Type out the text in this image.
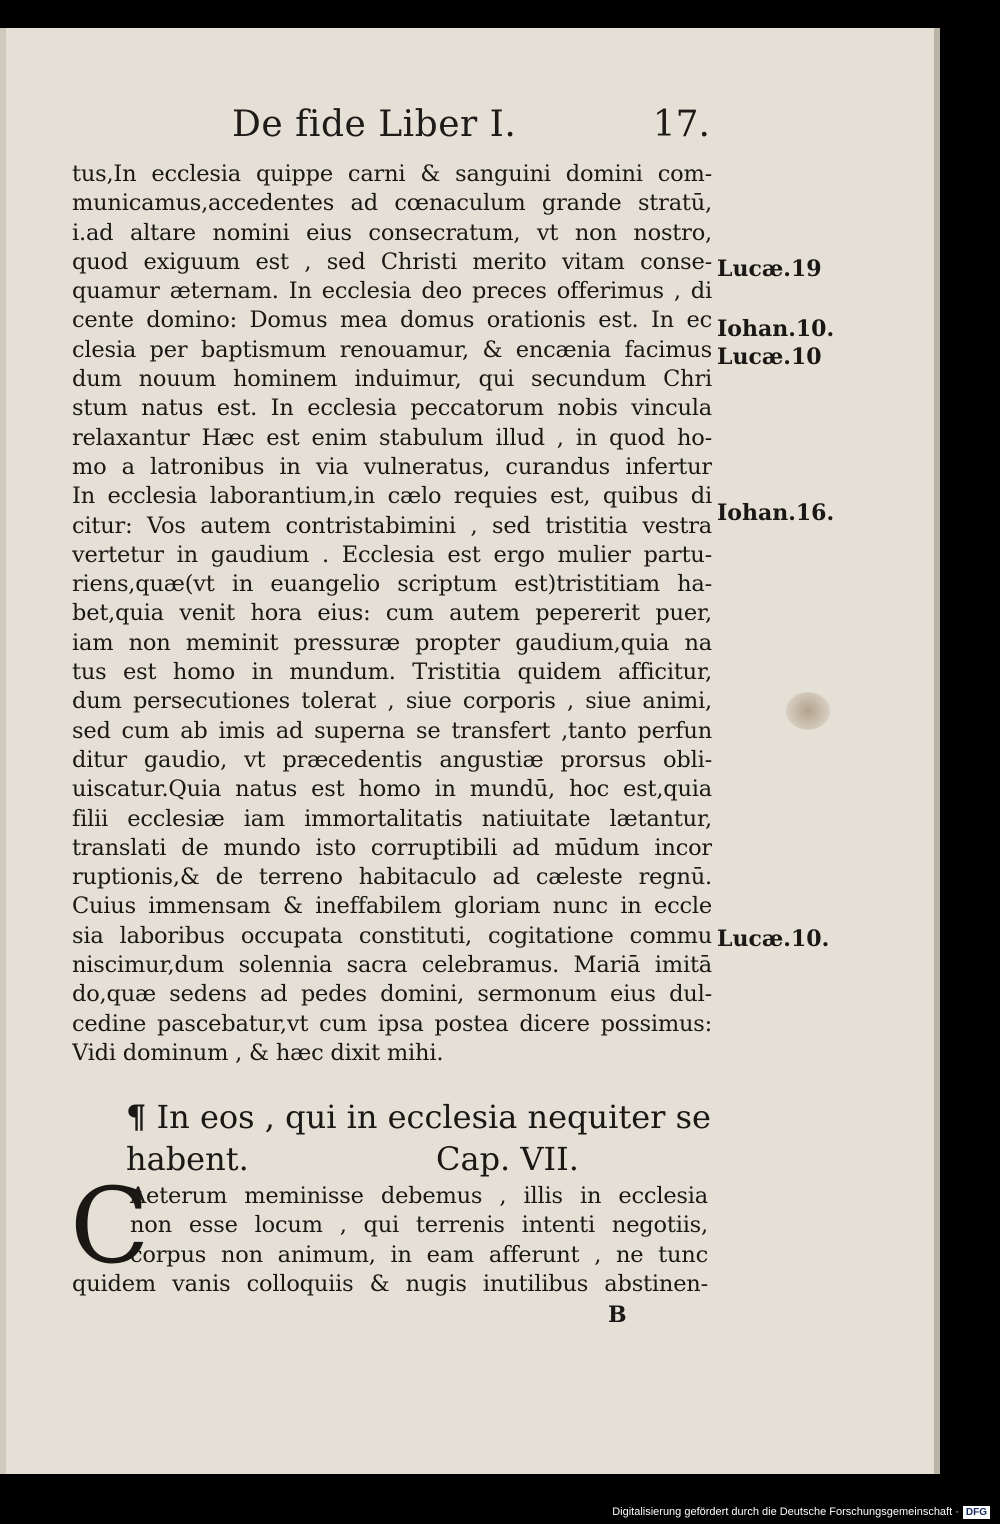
De fide Liber I.	17.
tus,In ecclesia quippe carni & sanguini domini com-
municamus,accedentes ad cœnaculum grande stratū,
i.ad altare nomini eius consecratum, vt non nostro,
quod exiguum est , sed Christi merito vitam conse-
quamur æternam. In ecclesia deo preces offerimus , di
cente domino: Domus mea domus orationis est. In ec
clesia per baptismum renouamur, & encænia facimus
dum nouum hominem induimur, qui secundum Chri
stum natus est. In ecclesia peccatorum nobis vincula
relaxantur Hæc est enim stabulum illud , in quod ho-
mo a latronibus in via vulneratus, curandus infertur
In ecclesia laborantium,in cælo requies est, quibus di
citur: Vos autem contristabimini , sed tristitia vestra
vertetur in gaudium . Ecclesia est ergo mulier partu-
riens,quæ(vt in euangelio scriptum est)tristitiam ha-
bet,quia venit hora eius: cum autem pepererit puer,
iam non meminit pressuræ propter gaudium,quia na
tus est homo in mundum. Tristitia quidem afficitur,
dum persecutiones tolerat , siue corporis , siue animi,
sed cum ab imis ad superna se transfert ,tanto perfun
ditur gaudio, vt præcedentis angustiæ prorsus obli-
uiscatur.Quia natus est homo in mundū, hoc est,quia
filii ecclesiæ iam immortalitatis natiuitate lætantur,
translati de mundo isto corruptibili ad mūdum incor
ruptionis,& de terreno habitaculo ad cæleste regnū.
Cuius immensam & ineffabilem gloriam nunc in eccle
sia laboribus occupata constituti, cogitatione commu
niscimur,dum solennia sacra celebramus. Mariā imitā
do,quæ sedens ad pedes domini, sermonum eius dul-
cedine pascebatur,vt cum ipsa postea dicere possimus:
Vidi dominum , & hæc dixit mihi.
Lucæ.19
Iohan.10.
Lucæ.10
Iohan.16.
Lucæ.10.
¶ In eos , qui in ecclesia nequiter se
habent.	Cap. VII.
C
Aeterum meminisse debemus , illis in ecclesia
non esse locum , qui terrenis intenti negotiis,
corpus non animum, in eam afferunt , ne tunc
quidem vanis colloquiis & nugis inutilibus abstinen-
B
Digitalisierung gefördert durch die Deutsche Forschungsgemeinschaft · DFG
